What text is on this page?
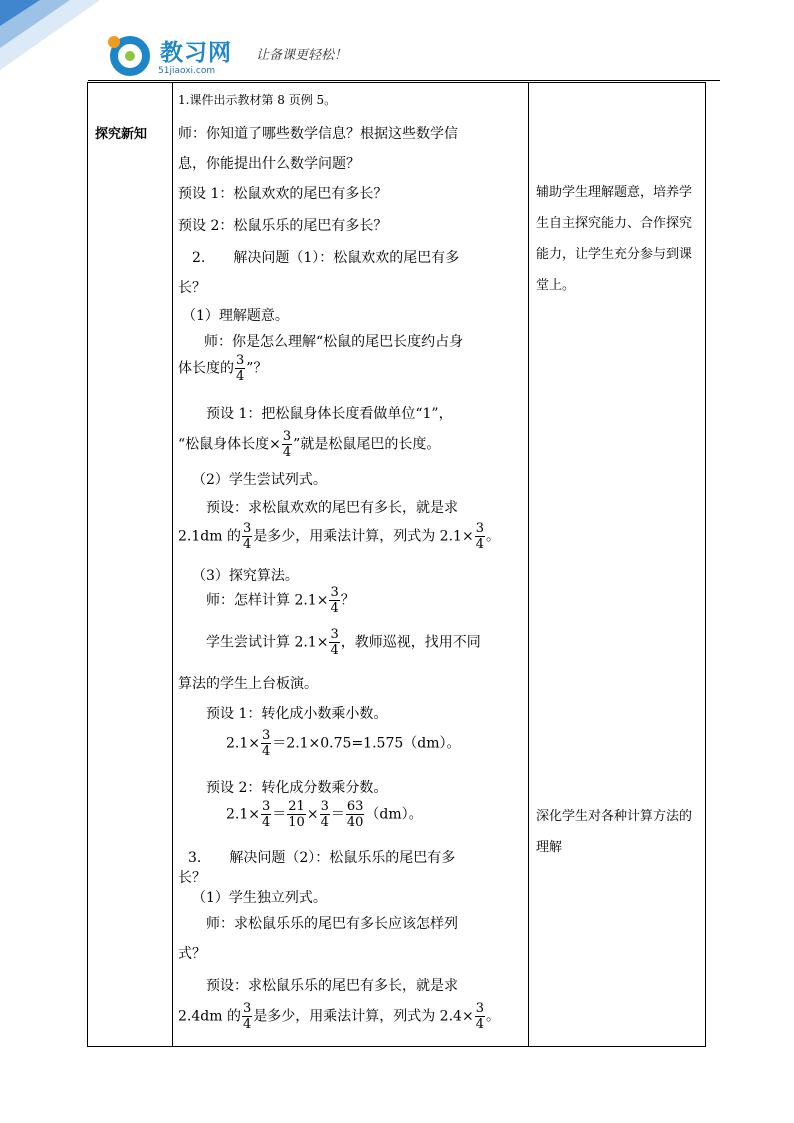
教习网
51jiaoxi.com
让备课更轻松！
探究新知
1.课件出示教材第 8 页例 5。
师：你知道了哪些数学信息？根据这些数学信
息，你能提出什么数学问题？
预设 1：松鼠欢欢的尾巴有多长？
预设 2：松鼠乐乐的尾巴有多长？
2.　　解决问题（1）：松鼠欢欢的尾巴有多
长？
（1）理解题意。
师：你是怎么理解“松鼠的尾巴长度约占身
体长度的 $\frac{3}{4}$ ”？
预设 1：把松鼠身体长度看做单位“1”，
“松鼠身体长度× $\frac{3}{4}$ ”就是松鼠尾巴的长度。
（2）学生尝试列式。
预设：求松鼠欢欢的尾巴有多长，就是求
2.1dm 的 $\frac{3}{4}$ 是多少，用乘法计算，列式为 $2.1\times \frac{3}{4}$ 。
（3）探究算法。
师：怎样计算 $2.1\times \frac{3}{4}$ ？
学生尝试计算 $2.1\times \frac{3}{4}$ ，教师巡视，找用不同
算法的学生上台板演。
预设 1：转化成小数乘小数。
$2.1\times \frac{3}{4} =2.1\times 0.75=1.575(dm)$。
预设 2：转化成分数乘分数。
$2.1\times \frac{3}{4} = \frac{21}{10} \times \frac{3}{4} = \frac{63}{40} (dm)$。
3.　　解决问题（2）：松鼠乐乐的尾巴有多
长？
（1）学生独立列式。
师：求松鼠乐乐的尾巴有多长应该怎样列
式？
预设：求松鼠乐乐的尾巴有多长，就是求
2.4dm 的 $\frac{3}{4}$ 是多少，用乘法计算，列式为 $2.4\times \frac{3}{4}$ 。
辅助学生理解题意，培养学生自主探究能力、合作探究能力，让学生充分参与到课堂上。
深化学生对各种计算方法的理解
